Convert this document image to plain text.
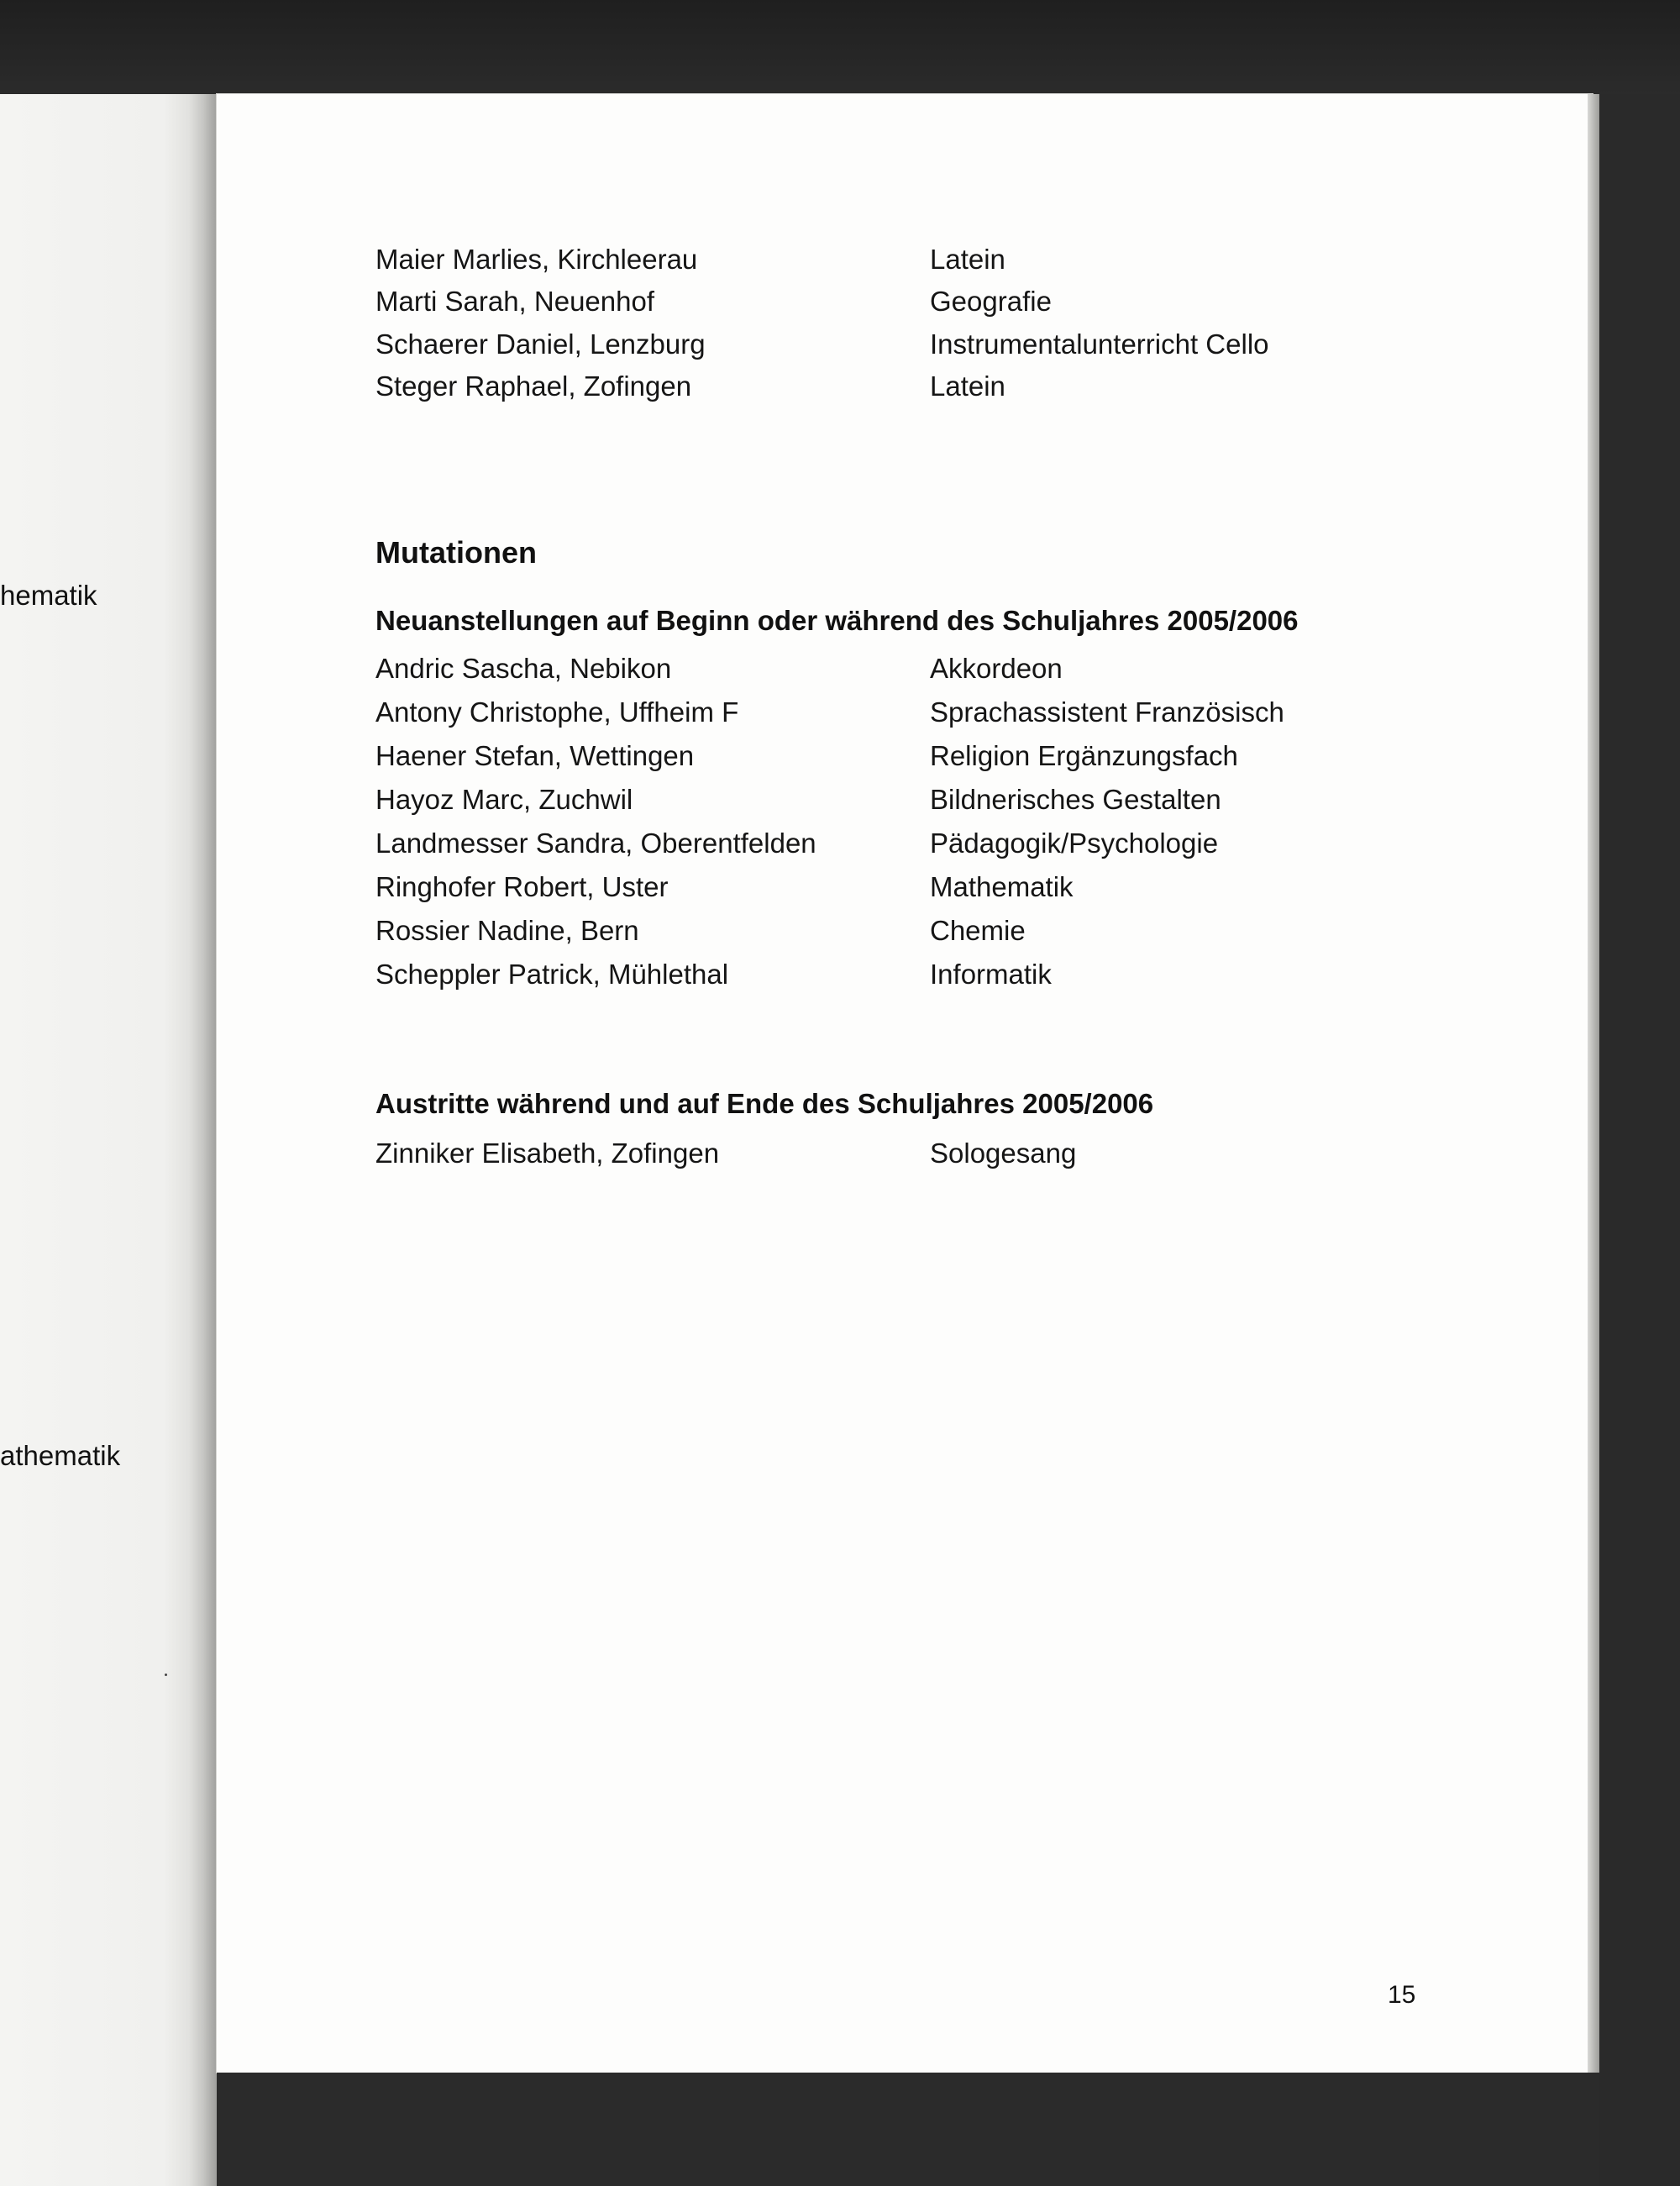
hematik
athematik
Maier Marlies, Kirchleerau	Latein
Marti Sarah, Neuenhof	Geografie
Schaerer Daniel, Lenzburg	Instrumentalunterricht Cello
Steger Raphael, Zofingen	Latein
Mutationen
Neuanstellungen auf Beginn oder während des Schuljahres 2005/2006
Andric Sascha, Nebikon	Akkordeon
Antony Christophe, Uffheim F	Sprachassistent Französisch
Haener Stefan, Wettingen	Religion Ergänzungsfach
Hayoz Marc, Zuchwil	Bildnerisches Gestalten
Landmesser Sandra, Oberentfelden	Pädagogik/Psychologie
Ringhofer Robert, Uster	Mathematik
Rossier Nadine, Bern	Chemie
Scheppler Patrick, Mühlethal	Informatik
Austritte während und auf Ende des Schuljahres 2005/2006
Zinniker Elisabeth, Zofingen	Sologesang
15
